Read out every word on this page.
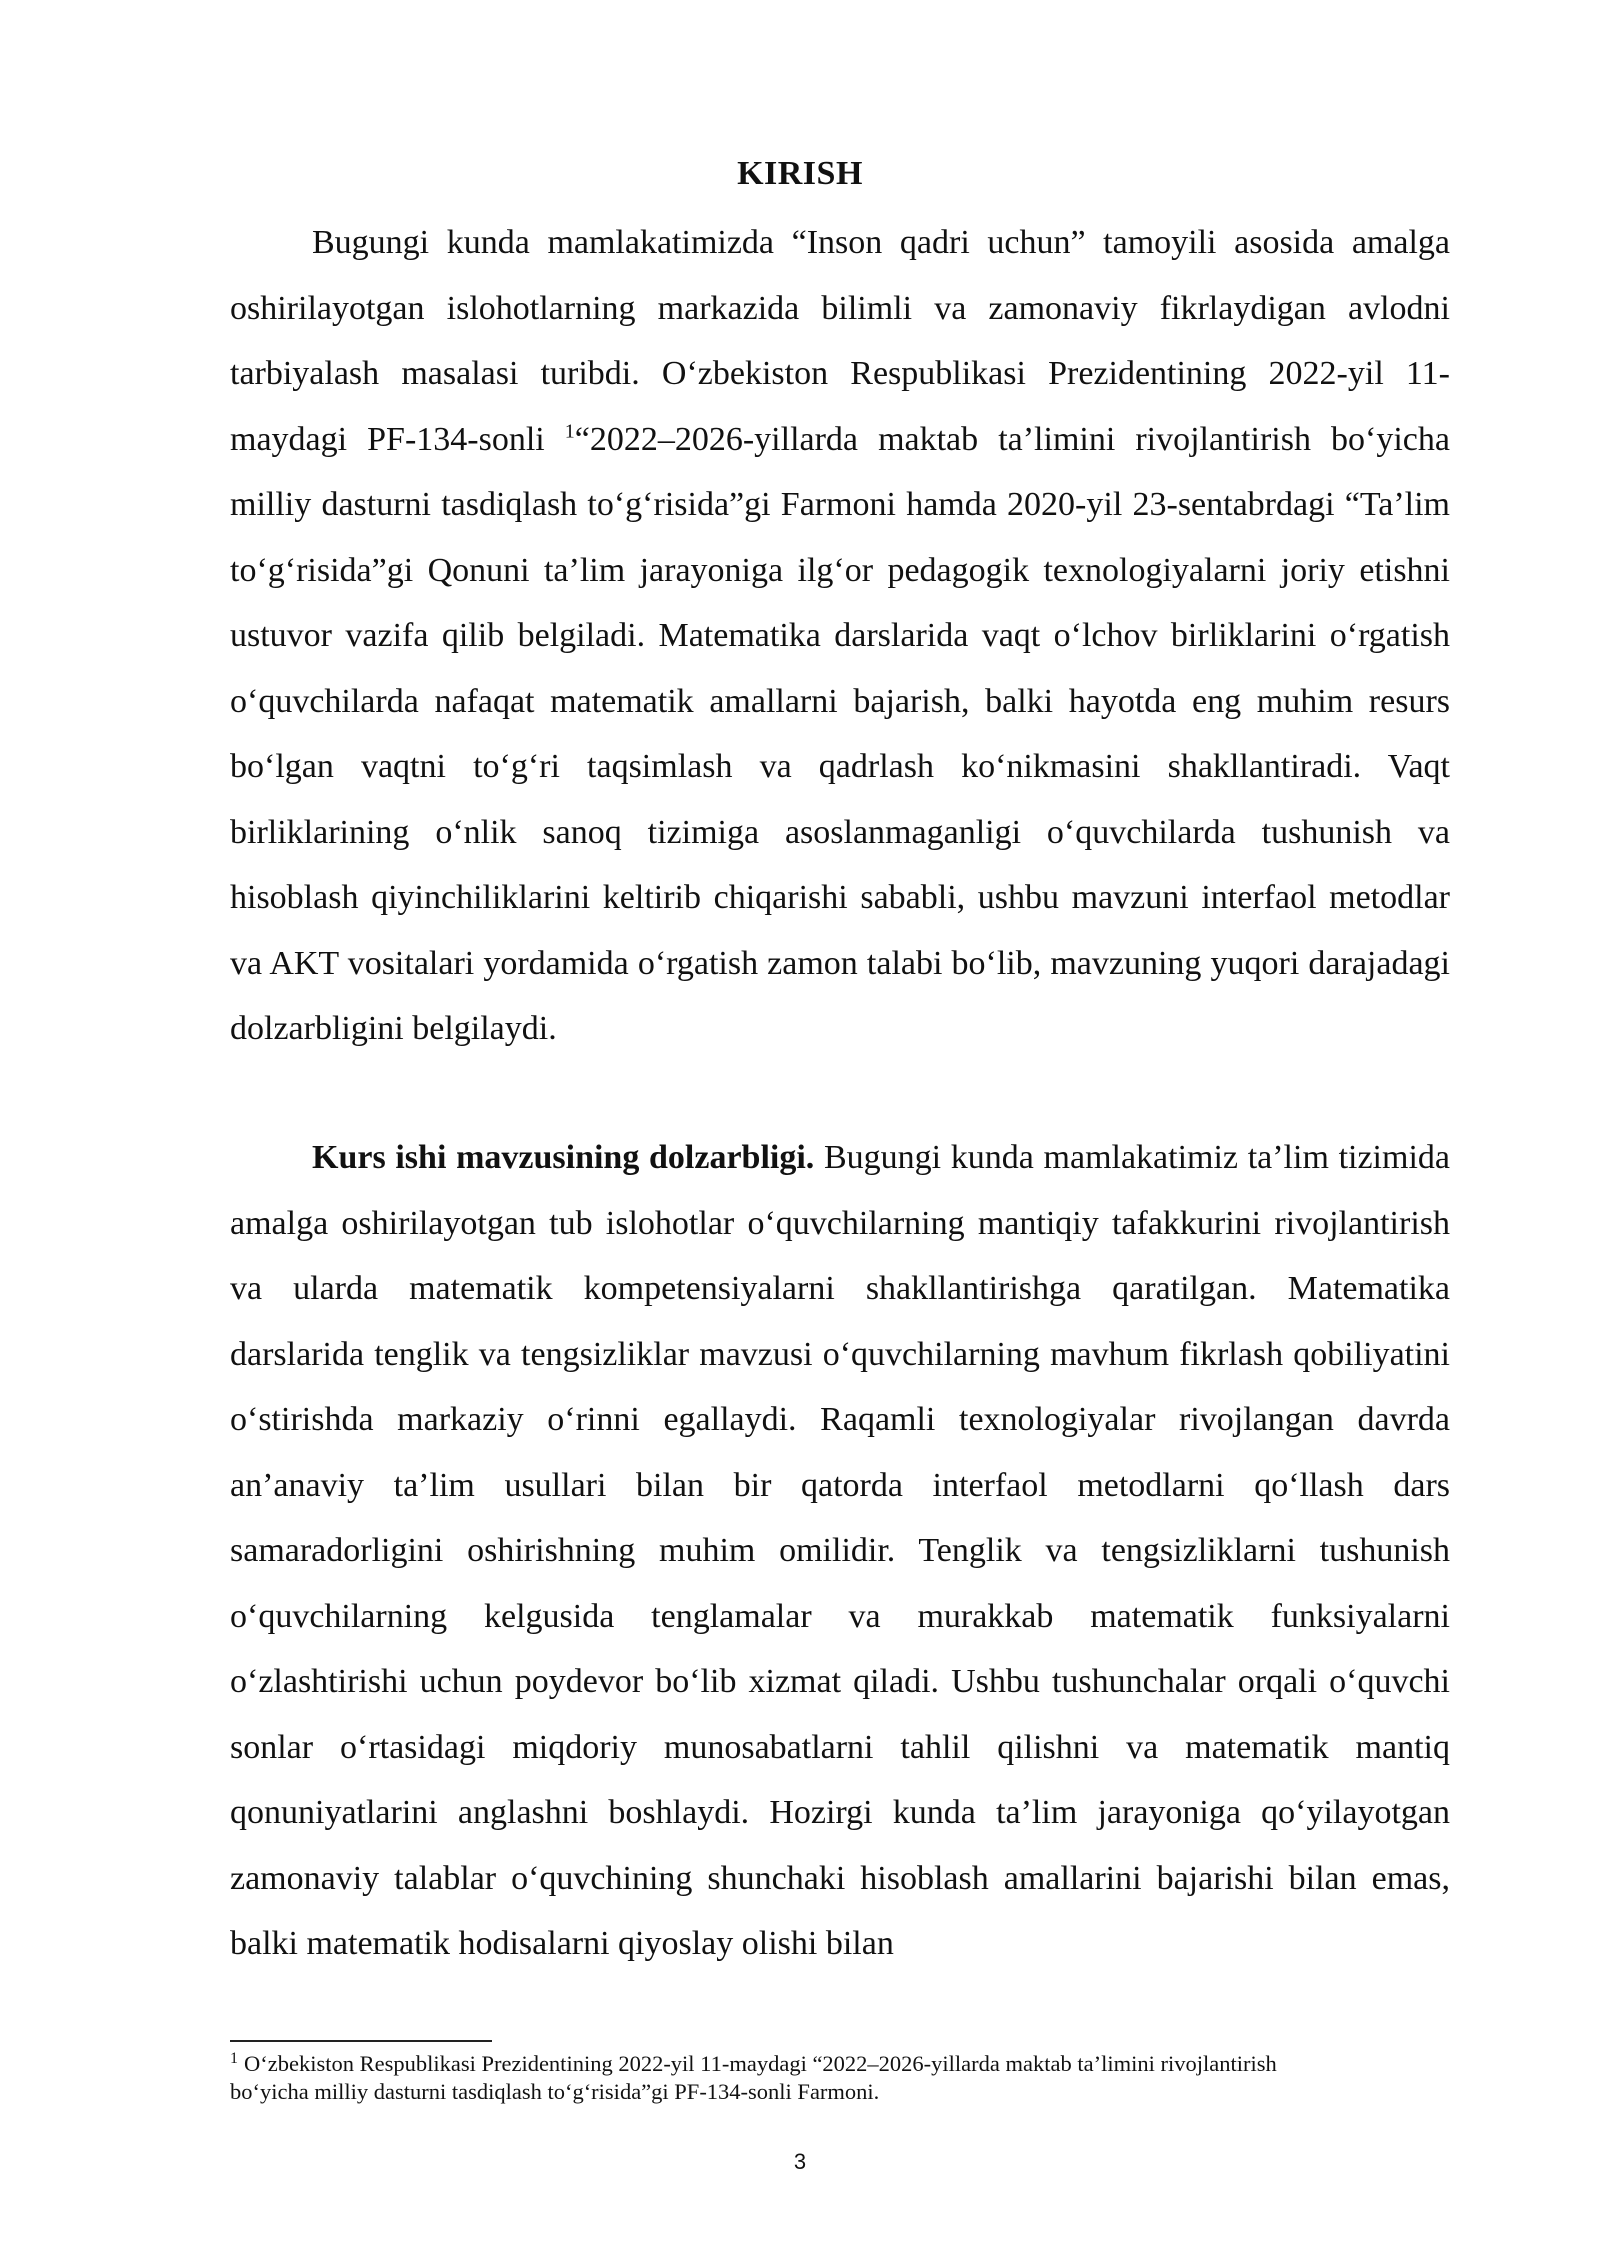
KIRISH

Bugungi kunda mamlakatimizda “Inson qadri uchun” tamoyili asosida amalga oshirilayotgan islohotlarning markazida bilimli va zamonaviy fikrlaydigan avlodni tarbiyalash masalasi turibdi. O‘zbekiston Respublikasi Prezidentining 2022-yil 11-maydagi PF-134-sonli $^1$“2022–2026-yillarda maktab ta’limini rivojlantirish bo‘yicha milliy dasturni tasdiqlash to‘g‘risida”gi Farmoni hamda 2020-yil 23-sentabrdagi “Ta’lim to‘g‘risida”gi Qonuni ta’lim jarayoniga ilg‘or pedagogik texnologiyalarni joriy etishni ustuvor vazifa qilib belgiladi. Matematika darslarida vaqt o‘lchov birliklarini o‘rgatish o‘quvchilarda nafaqat matematik amallarni bajarish, balki hayotda eng muhim resurs bo‘lgan vaqtni to‘g‘ri taqsimlash va qadrlash ko‘nikmasini shakllantiradi. Vaqt birliklarining o‘nlik sanoq tizimiga asoslanmaganligi o‘quvchilarda tushunish va hisoblash qiyinchiliklarini keltirib chiqarishi sababli, ushbu mavzuni interfaol metodlar va AKT vositalari yordamida o‘rgatish zamon talabi bo‘lib, mavzuning yuqori darajadagi dolzarbligini belgilaydi.

Kurs ishi mavzusining dolzarbligi. Bugungi kunda mamlakatimiz ta’lim tizimida amalga oshirilayotgan tub islohotlar o‘quvchilarning mantiqiy tafakkurini rivojlantirish va ularda matematik kompetensiyalarni shakllantirishga qaratilgan. Matematika darslarida tenglik va tengsizliklar mavzusi o‘quvchilarning mavhum fikrlash qobiliyatini o‘stirishda markaziy o‘rinni egallaydi. Raqamli texnologiyalar rivojlangan davrda an’anaviy ta’lim usullari bilan bir qatorda interfaol metodlarni qo‘llash dars samaradorligini oshirishning muhim omilidir. Tenglik va tengsizliklarni tushunish o‘quvchilarning kelgusida tenglamalar va murakkab matematik funksiyalarni o‘zlashtirishi uchun poydevor bo‘lib xizmat qiladi. Ushbu tushunchalar orqali o‘quvchi sonlar o‘rtasidagi miqdoriy munosabatlarni tahlil qilishni va matematik mantiq qonuniyatlarini anglashni boshlaydi. Hozirgi kunda ta’lim jarayoniga qo‘yilayotgan zamonaviy talablar o‘quvchining shunchaki hisoblash amallarini bajarishi bilan emas, balki matematik hodisalarni qiyoslay olishi bilan

$^1$ O‘zbekiston Respublikasi Prezidentining 2022-yil 11-maydagi “2022–2026-yillarda maktab ta’limini rivojlantirish bo‘yicha milliy dasturni tasdiqlash to‘g‘risida”gi PF-134-sonli Farmoni.

3
